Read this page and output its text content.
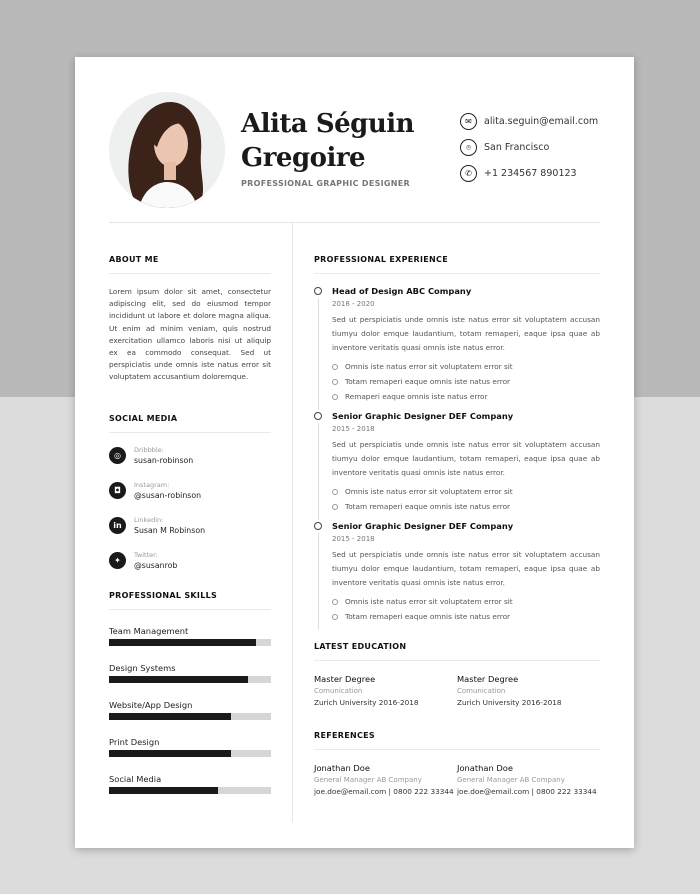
Alita Séguin
Gregoire
PROFESSIONAL GRAPHIC DESIGNER
✉	alita.seguin@email.com
⌾	San Francisco
✆	+1 234567 890123
ABOUT ME
Lorem ipsum dolor sit amet, consectetur adipiscing elit, sed do eiusmod tempor incididunt ut labore et dolore magna aliqua. Ut enim ad minim veniam, quis nostrud exercitation ullamco laboris nisi ut aliquip ex ea commodo consequat. Sed ut perspiciatis unde omnis iste natus error sit voluptatem accusantium doloremque.
SOCIAL MEDIA
◎
Dribbble:
susan-robinson
◘
Instagram:
@susan-robinson
in
Linkedin:
Susan M Robinson
✦
Twitter:
@susanrob
PROFESSIONAL SKILLS
Team Management
Design Systems
Website/App Design
Print Design
Social Media
PROFESSIONAL EXPERIENCE
Head of Design ABC Company
2018 - 2020
Sed ut perspiciatis unde omnis iste natus error sit voluptatem accusan tiumyu dolor emque laudantium, totam remaperi, eaque ipsa quae ab inventore veritatis quasi omnis iste natus error.
Omnis iste natus error sit voluptatem error sit
Totam remaperi eaque omnis iste natus error
Remaperi eaque omnis iste natus error
Senior Graphic Designer DEF Company
2015 - 2018
Sed ut perspiciatis unde omnis iste natus error sit voluptatem accusan tiumyu dolor emque laudantium, totam remaperi, eaque ipsa quae ab inventore veritatis quasi omnis iste natus error.
Omnis iste natus error sit voluptatem error sit
Totam remaperi eaque omnis iste natus error
Senior Graphic Designer DEF Company
2015 - 2018
Sed ut perspiciatis unde omnis iste natus error sit voluptatem accusan tiumyu dolor emque laudantium, totam remaperi, eaque ipsa quae ab inventore veritatis quasi omnis iste natus error.
Omnis iste natus error sit voluptatem error sit
Totam remaperi eaque omnis iste natus error
LATEST EDUCATION
Master Degree
Comunication
Zurich University 2016-2018
Master Degree
Comunication
Zurich University 2016-2018
REFERENCES
Jonathan Doe
General Manager AB Company
joe.doe@email.com | 0800 222 33344
Jonathan Doe
General Manager AB Company
joe.doe@email.com | 0800 222 33344
